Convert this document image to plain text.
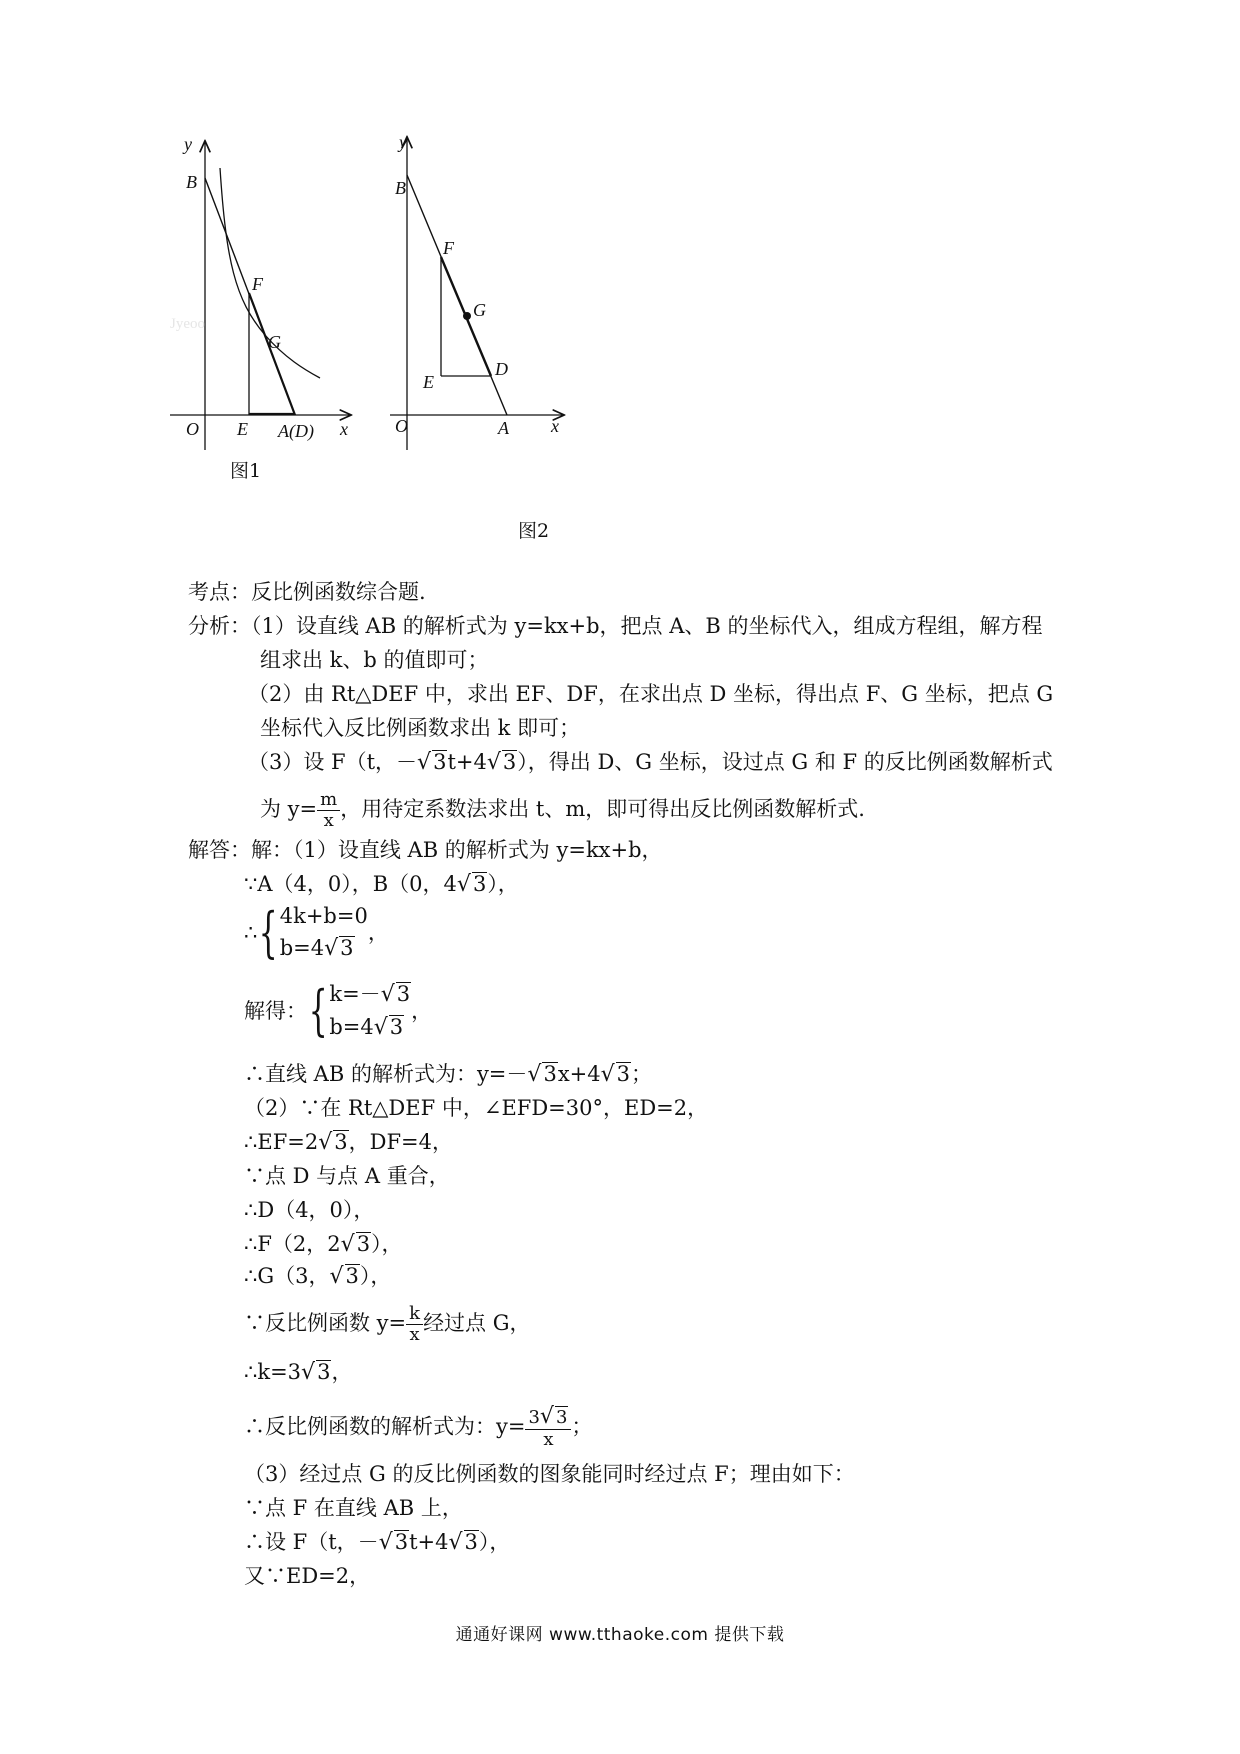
y
B
F
G
Jyeoo
O E A(D) x
图1
y
B
F
G
D
E
O	A x
图2
考点：反比例函数综合题.
分析：（1）设直线 AB 的解析式为 y=kx+b，把点 A、B 的坐标代入，组成方程组，解方程
组求出 k、b 的值即可；
（2）由 Rt△DEF 中，求出 EF、DF，在求出点 D 坐标，得出点 F、G 坐标，把点 G
坐标代入反比例函数求出 k 即可；
（3）设 F（t，－√3t+4√3），得出 D、G 坐标，设过点 G 和 F 的反比例函数解析式
为 $y= \frac{m}{x}$ ，用待定系数法求出 t、m，即可得出反比例函数解析式.
解答：解：（1）设直线 AB 的解析式为 y=kx+b，
∵A（4，0），B（0，4√3），
∴{ 4k+b=0
b=4√3
，
解得：{ k=－√3
b=4√3
，
∴直线 AB 的解析式为：y=－√3x+4√3；
（2）∵在 Rt△DEF 中，∠EFD=30°，ED=2，
∴EF=2√3，DF=4，
∵点 D 与点 A 重合，
∴D（4，0），
∴F（2，2√3），
∴G（3，√3），
∵反比例函数 $y= \frac{k}{x}$ 经过点 G，
∴k=3√3，
∴反比例函数的解析式为：$y= \frac{3√ 3}{x}$ ；
（3）经过点 G 的反比例函数的图象能同时经过点 F；理由如下：
∵点 F 在直线 AB 上，
∴设 F（t，－√3t+4√3），
又∵ED=2，
通通好课网 www.tthaoke.com 提供下载
